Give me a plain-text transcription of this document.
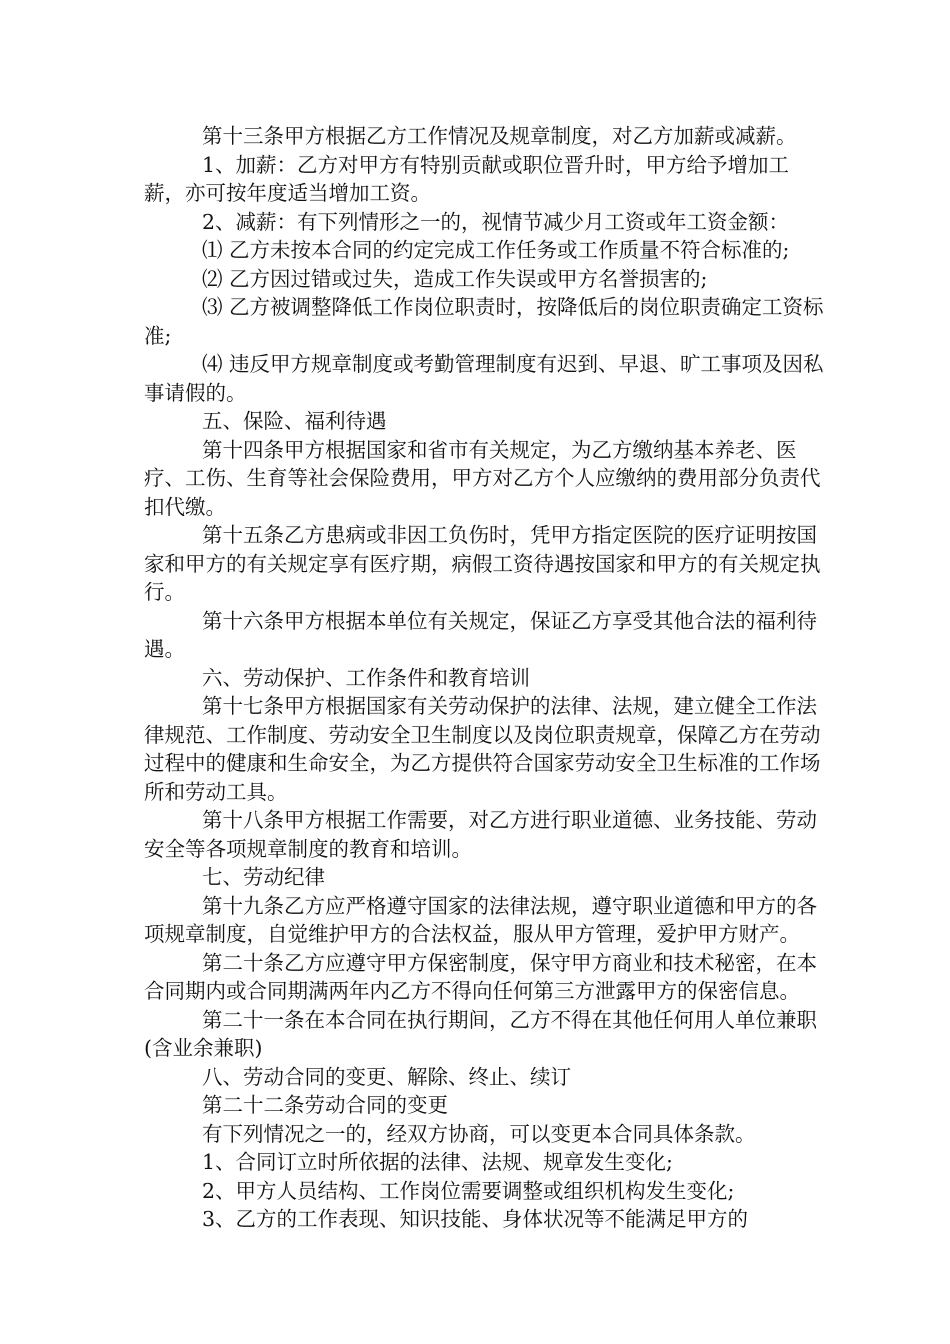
第十三条甲方根据乙方工作情况及规章制度，对乙方加薪或减薪。

1、加薪：乙方对甲方有特别贡献或职位晋升时，甲方给予增加工薪，亦可按年度适当增加工资。

2、减薪：有下列情形之一的，视情节减少月工资或年工资金额：

⑴ 乙方未按本合同的约定完成工作任务或工作质量不符合标准的;

⑵ 乙方因过错或过失，造成工作失误或甲方名誉损害的;

⑶ 乙方被调整降低工作岗位职责时，按降低后的岗位职责确定工资标准;

⑷ 违反甲方规章制度或考勤管理制度有迟到、早退、旷工事项及因私事请假的。

五、保险、福利待遇

第十四条甲方根据国家和省市有关规定，为乙方缴纳基本养老、医疗、工伤、生育等社会保险费用，甲方对乙方个人应缴纳的费用部分负责代扣代缴。

第十五条乙方患病或非因工负伤时，凭甲方指定医院的医疗证明按国家和甲方的有关规定享有医疗期，病假工资待遇按国家和甲方的有关规定执行。

第十六条甲方根据本单位有关规定，保证乙方享受其他合法的福利待遇。

六、劳动保护、工作条件和教育培训

第十七条甲方根据国家有关劳动保护的法律、法规，建立健全工作法律规范、工作制度、劳动安全卫生制度以及岗位职责规章，保障乙方在劳动过程中的健康和生命安全，为乙方提供符合国家劳动安全卫生标准的工作场所和劳动工具。

第十八条甲方根据工作需要，对乙方进行职业道德、业务技能、劳动安全等各项规章制度的教育和培训。

七、劳动纪律

第十九条乙方应严格遵守国家的法律法规，遵守职业道德和甲方的各项规章制度，自觉维护甲方的合法权益，服从甲方管理，爱护甲方财产。

第二十条乙方应遵守甲方保密制度，保守甲方商业和技术秘密，在本合同期内或合同期满两年内乙方不得向任何第三方泄露甲方的保密信息。

第二十一条在本合同在执行期间，乙方不得在其他任何用人单位兼职(含业余兼职)

八、劳动合同的变更、解除、终止、续订

第二十二条劳动合同的变更

有下列情况之一的，经双方协商，可以变更本合同具体条款。

1、合同订立时所依据的法律、法规、规章发生变化;

2、甲方人员结构、工作岗位需要调整或组织机构发生变化;

3、乙方的工作表现、知识技能、身体状况等不能满足甲方的
